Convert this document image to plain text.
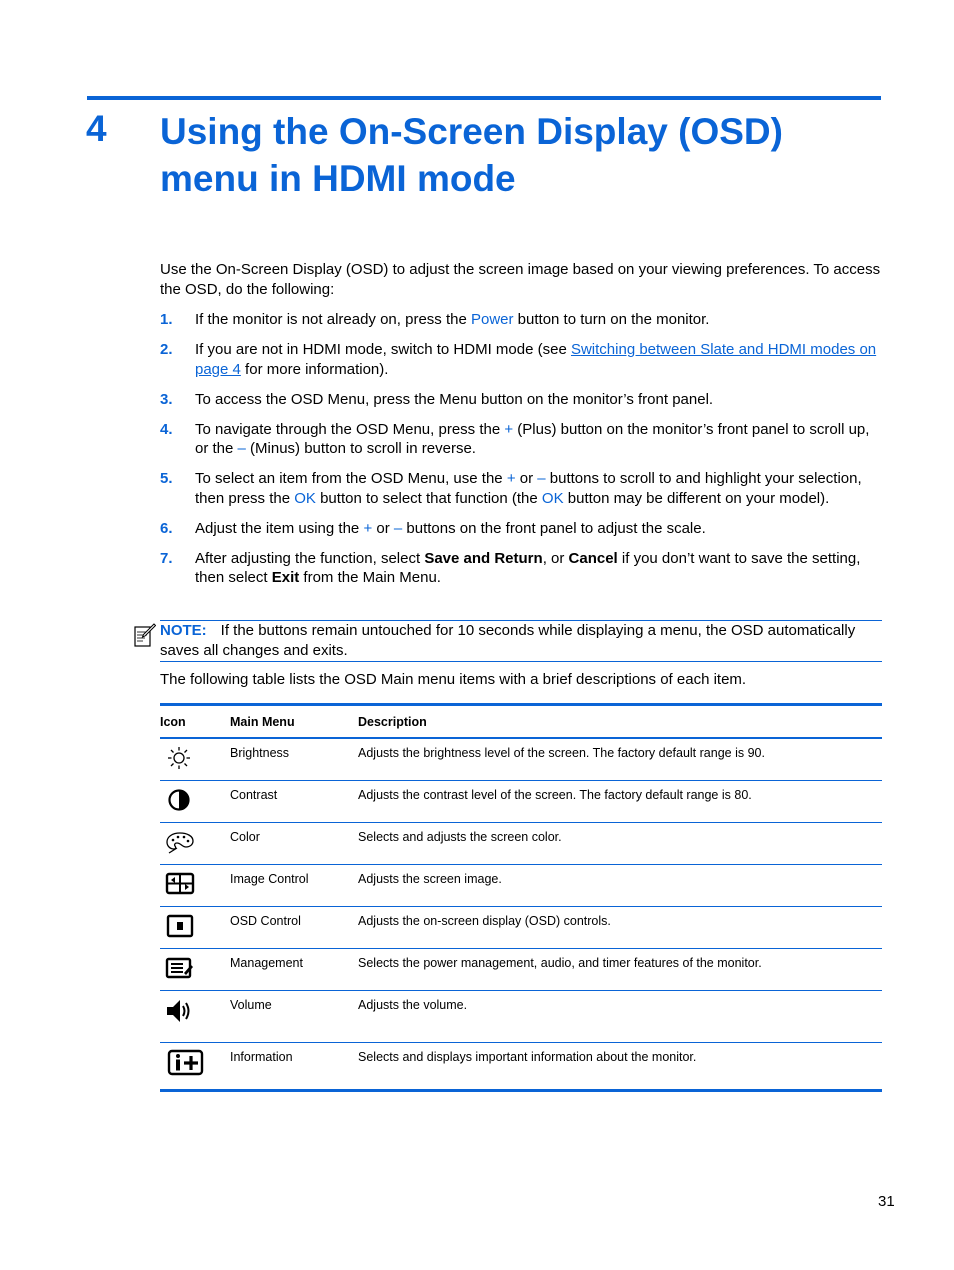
4 Using the On-Screen Display (OSD) menu in HDMI mode

Use the On-Screen Display (OSD) to adjust the screen image based on your viewing preferences. To access the OSD, do the following:

1. If the monitor is not already on, press the Power button to turn on the monitor.
2. If you are not in HDMI mode, switch to HDMI mode (see Switching between Slate and HDMI modes on page 4 for more information).
3. To access the OSD Menu, press the Menu button on the monitor’s front panel.
4. To navigate through the OSD Menu, press the + (Plus) button on the monitor’s front panel to scroll up, or the – (Minus) button to scroll in reverse.
5. To select an item from the OSD Menu, use the + or – buttons to scroll to and highlight your selection, then press the OK button to select that function (the OK button may be different on your model).
6. Adjust the item using the + or – buttons on the front panel to adjust the scale.
7. After adjusting the function, select Save and Return, or Cancel if you don’t want to save the setting, then select Exit from the Main Menu.
NOTE: If the buttons remain untouched for 10 seconds while displaying a menu, the OSD automatically saves all changes and exits.

The following table lists the OSD Main menu items with a brief descriptions of each item.

Icon	Main Menu	Description

	Brightness	Adjusts the brightness level of the screen. The factory default range is 90.

	Contrast	Adjusts the contrast level of the screen. The factory default range is 80.

	Color	Selects and adjusts the screen color.

	Image Control	Adjusts the screen image.

	OSD Control	Adjusts the on-screen display (OSD) controls.

	Management	Selects the power management, audio, and timer features of the monitor.

	Volume	Adjusts the volume.

	Information	Selects and displays important information about the monitor.
31
